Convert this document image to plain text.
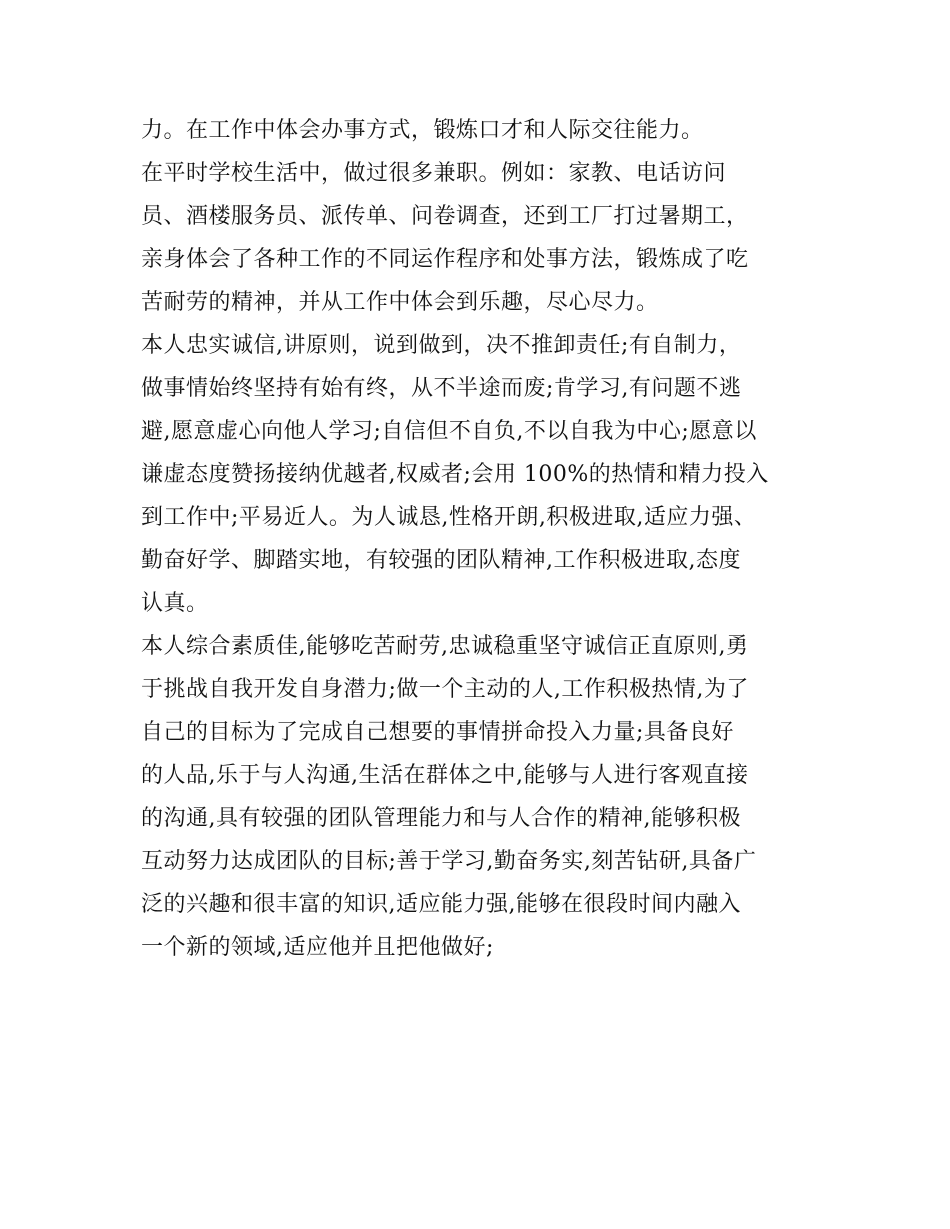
力。在工作中体会办事方式，锻炼口才和人际交往能力。
在平时学校生活中，做过很多兼职。例如：家教、电话访问
员、酒楼服务员、派传单、问卷调查，还到工厂打过暑期工，
亲身体会了各种工作的不同运作程序和处事方法，锻炼成了吃
苦耐劳的精神，并从工作中体会到乐趣，尽心尽力。
本人忠实诚信,讲原则，说到做到，决不推卸责任;有自制力，
做事情始终坚持有始有终，从不半途而废;肯学习,有问题不逃
避,愿意虚心向他人学习;自信但不自负,不以自我为中心;愿意以
谦虚态度赞扬接纳优越者,权威者;会用 100%的热情和精力投入
到工作中;平易近人。为人诚恳,性格开朗,积极进取,适应力强、
勤奋好学、脚踏实地，有较强的团队精神,工作积极进取,态度
认真。
本人综合素质佳,能够吃苦耐劳,忠诚稳重坚守诚信正直原则,勇
于挑战自我开发自身潜力;做一个主动的人,工作积极热情,为了
自己的目标为了完成自己想要的事情拼命投入力量;具备良好
的人品,乐于与人沟通,生活在群体之中,能够与人进行客观直接
的沟通,具有较强的团队管理能力和与人合作的精神,能够积极
互动努力达成团队的目标;善于学习,勤奋务实,刻苦钻研,具备广
泛的兴趣和很丰富的知识,适应能力强,能够在很段时间内融入
一个新的领域,适应他并且把他做好;
